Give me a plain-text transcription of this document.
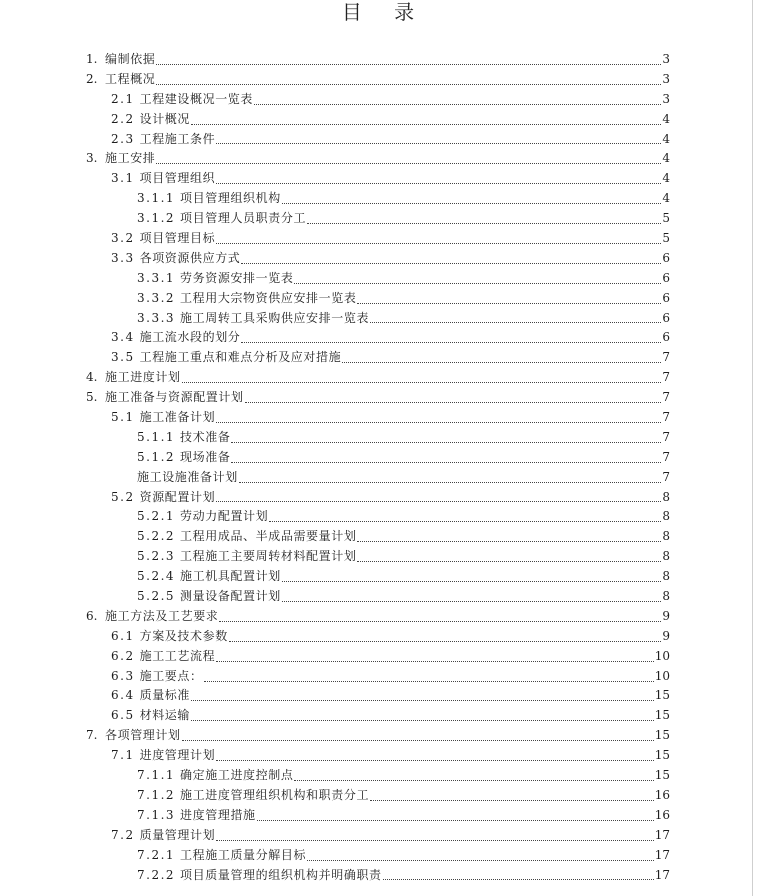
目 录
1. 编制依据	3
2. 工程概况	3
2.1 工程建设概况一览表	3
2.2 设计概况	4
2.3 工程施工条件	4
3. 施工安排	4
3.1 项目管理组织	4
3.1.1 项目管理组织机构	4
3.1.2 项目管理人员职责分工	5
3.2 项目管理目标	5
3.3 各项资源供应方式	6
3.3.1 劳务资源安排一览表	6
3.3.2 工程用大宗物资供应安排一览表	6
3.3.3 施工周转工具采购供应安排一览表	6
3.4 施工流水段的划分	6
3.5 工程施工重点和难点分析及应对措施	7
4. 施工进度计划	7
5. 施工准备与资源配置计划	7
5.1 施工准备计划	7
5.1.1 技术准备	7
5.1.2 现场准备	7
施工设施准备计划	7
5.2 资源配置计划	8
5.2.1 劳动力配置计划	8
5.2.2 工程用成品、半成品需要量计划	8
5.2.3 工程施工主要周转材料配置计划	8
5.2.4 施工机具配置计划	8
5.2.5 测量设备配置计划	8
6. 施工方法及工艺要求	9
6.1 方案及技术参数	9
6.2 施工工艺流程	10
6.3 施工要点：	10
6.4 质量标准	15
6.5 材料运输	15
7. 各项管理计划	15
7.1 进度管理计划	15
7.1.1 确定施工进度控制点	15
7.1.2 施工进度管理组织机构和职责分工	16
7.1.3 进度管理措施	16
7.2 质量管理计划	17
7.2.1 工程施工质量分解目标	17
7.2.2 项目质量管理的组织机构并明确职责	17
